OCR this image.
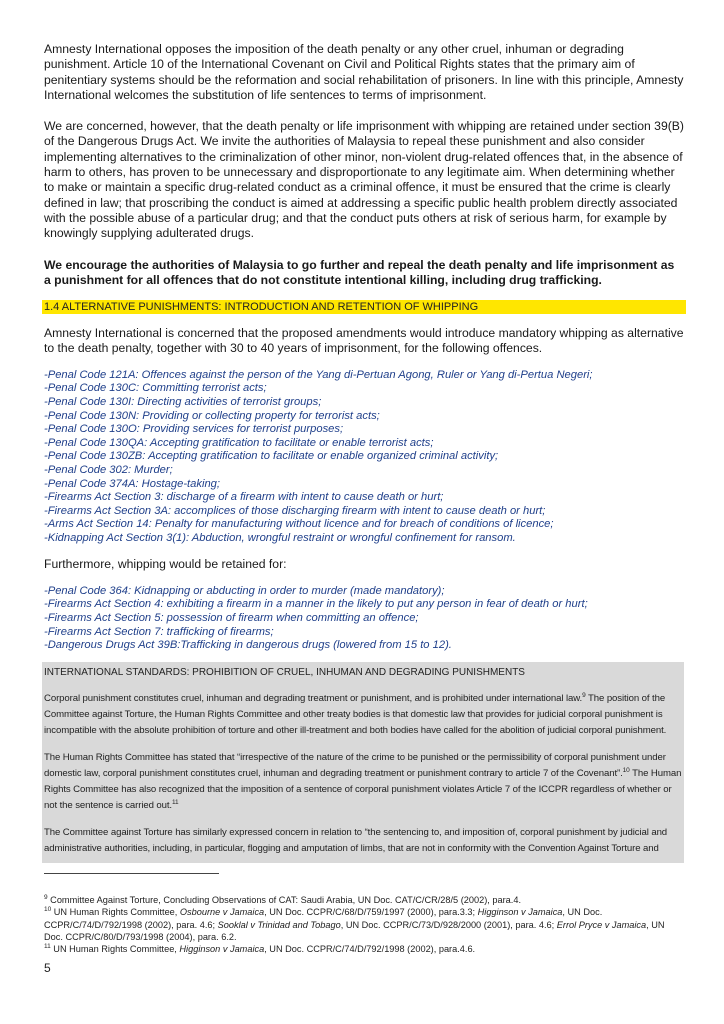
Amnesty International opposes the imposition of the death penalty or any other cruel, inhuman or degrading punishment. Article 10 of the International Covenant on Civil and Political Rights states that the primary aim of penitentiary systems should be the reformation and social rehabilitation of prisoners. In line with this principle, Amnesty International welcomes the substitution of life sentences to terms of imprisonment.

We are concerned, however, that the death penalty or life imprisonment with whipping are retained under section 39(B) of the Dangerous Drugs Act. We invite the authorities of Malaysia to repeal these punishment and also consider implementing alternatives to the criminalization of other minor, non-violent drug-related offences that, in the absence of harm to others, has proven to be unnecessary and disproportionate to any legitimate aim. When determining whether to make or maintain a specific drug-related conduct as a criminal offence, it must be ensured that the crime is clearly defined in law; that proscribing the conduct is aimed at addressing a specific public health problem directly associated with the possible abuse of a particular drug; and that the conduct puts others at risk of serious harm, for example by knowingly supplying adulterated drugs.

We encourage the authorities of Malaysia to go further and repeal the death penalty and life imprisonment as a punishment for all offences that do not constitute intentional killing, including drug trafficking.

1.4 ALTERNATIVE PUNISHMENTS: INTRODUCTION AND RETENTION OF WHIPPING

Amnesty International is concerned that the proposed amendments would introduce mandatory whipping as alternative to the death penalty, together with 30 to 40 years of imprisonment, for the following offences.

-Penal Code 121A: Offences against the person of the Yang di-Pertuan Agong, Ruler or Yang di-Pertua Negeri;
-Penal Code 130C: Committing terrorist acts;
-Penal Code 130I: Directing activities of terrorist groups;
-Penal Code 130N: Providing or collecting property for terrorist acts;
-Penal Code 130O: Providing services for terrorist purposes;
-Penal Code 130QA: Accepting gratification to facilitate or enable terrorist acts;
-Penal Code 130ZB: Accepting gratification to facilitate or enable organized criminal activity;
-Penal Code 302: Murder;
-Penal Code 374A: Hostage-taking;
-Firearms Act Section 3: discharge of a firearm with intent to cause death or hurt;
-Firearms Act Section 3A: accomplices of those discharging firearm with intent to cause death or hurt;
-Arms Act Section 14: Penalty for manufacturing without licence and for breach of conditions of licence;
-Kidnapping Act Section 3(1): Abduction, wrongful restraint or wrongful confinement for ransom.

Furthermore, whipping would be retained for:

-Penal Code 364: Kidnapping or abducting in order to murder (made mandatory);
-Firearms Act Section 4: exhibiting a firearm in a manner in the likely to put any person in fear of death or hurt;
-Firearms Act Section 5: possession of firearm when committing an offence;
-Firearms Act Section 7: trafficking of firearms;
-Dangerous Drugs Act 39B:Trafficking in dangerous drugs (lowered from 15 to 12).
INTERNATIONAL STANDARDS: PROHIBITION OF CRUEL, INHUMAN AND DEGRADING PUNISHMENTS

Corporal punishment constitutes cruel, inhuman and degrading treatment or punishment, and is prohibited under international law.$^9$ The position of the Committee against Torture, the Human Rights Committee and other treaty bodies is that domestic law that provides for judicial corporal punishment is incompatible with the absolute prohibition of torture and other ill-treatment and both bodies have called for the abolition of judicial corporal punishment.

The Human Rights Committee has stated that “irrespective of the nature of the crime to be punished or the permissibility of corporal punishment under domestic law, corporal punishment constitutes cruel, inhuman and degrading treatment or punishment contrary to article 7 of the Covenant”.$^{10}$ The Human Rights Committee has also recognized that the imposition of a sentence of corporal punishment violates Article 7 of the ICCPR regardless of whether or not the sentence is carried out.$^{11}$

The Committee against Torture has similarly expressed concern in relation to “the sentencing to, and imposition of, corporal punishment by judicial and administrative authorities, including, in particular, flogging and amputation of limbs, that are not in conformity with the Convention Against Torture and

$^9$ Committee Against Torture, Concluding Observations of CAT: Saudi Arabia, UN Doc. CAT/C/CR/28/5 (2002), para.4.

$^{10}$ UN Human Rights Committee, Osbourne v Jamaica, UN Doc. CCPR/C/68/D/759/1997 (2000), para.3.3; Higginson v Jamaica, UN Doc. CCPR/C/74/D/792/1998 (2002), para. 4.6; Sooklal v Trinidad and Tobago, UN Doc. CCPR/C/73/D/928/2000 (2001), para. 4.6; Errol Pryce v Jamaica, UN Doc. CCPR/C/80/D/793/1998 (2004), para. 6.2.

$^{11}$ UN Human Rights Committee, Higginson v Jamaica, UN Doc. CCPR/C/74/D/792/1998 (2002), para.4.6.

5
